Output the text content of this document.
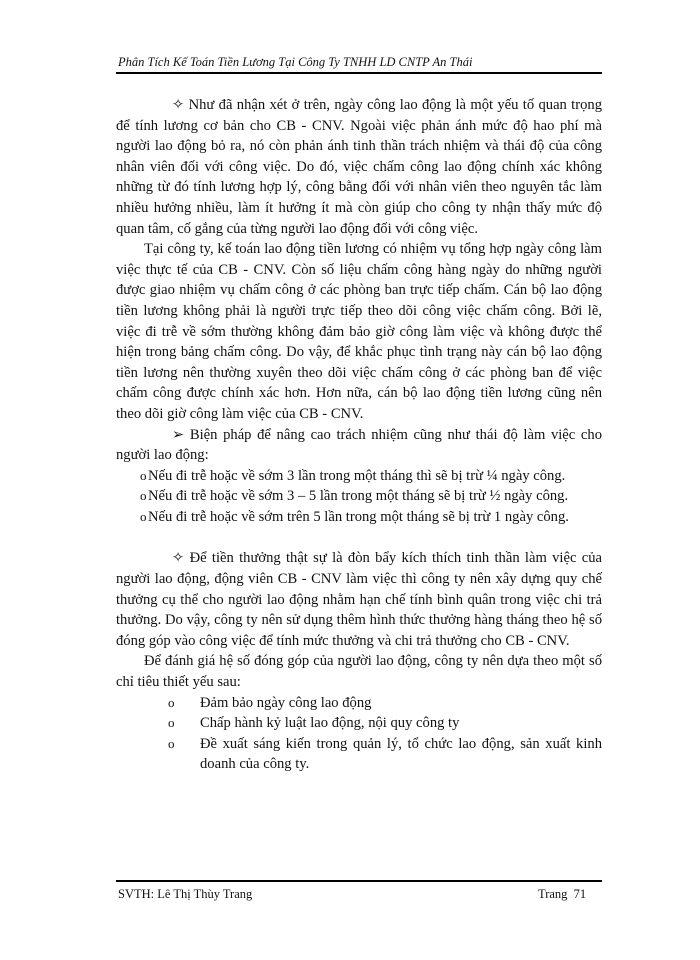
Phân Tích Kế Toán Tiền Lương Tại Công Ty TNHH LD CNTP An Thái

✧ Như đã nhận xét ở trên, ngày công lao động là một yếu tố quan trọng để tính lương cơ bản cho CB - CNV. Ngoài việc phản ánh mức độ hao phí mà người lao động bỏ ra, nó còn phản ánh tinh thần trách nhiệm và thái độ của công nhân viên đối với công việc. Do đó, việc chấm công lao động chính xác không những từ đó tính lương hợp lý, công bằng đối với nhân viên theo nguyên tắc làm nhiều hưởng nhiều, làm ít hưởng ít mà còn giúp cho công ty nhận thấy mức độ quan tâm, cố gắng của từng người lao động đối với công việc.

Tại công ty, kế toán lao động tiền lương có nhiệm vụ tổng hợp ngày công làm việc thực tế của CB - CNV. Còn số liệu chấm công hàng ngày do những người được giao nhiệm vụ chấm công ở các phòng ban trực tiếp chấm. Cán bộ lao động tiền lương không phải là người trực tiếp theo dõi công việc chấm công. Bởi lẽ, việc đi trễ về sớm thường không đảm bảo giờ công làm việc và không được thể hiện trong bảng chấm công. Do vậy, để khắc phục tình trạng này cán bộ lao động tiền lương nên thường xuyên theo dõi việc chấm công ở các phòng ban để việc chấm công được chính xác hơn. Hơn nữa, cán bộ lao động tiền lương cũng nên theo dõi giờ công làm việc của CB - CNV.

➢ Biện pháp để nâng cao trách nhiệm cũng như thái độ làm việc cho người lao động:

o Nếu đi trễ hoặc về sớm 3 lần trong một tháng thì sẽ bị trừ ¼ ngày công.

o Nếu đi trễ hoặc về sớm 3 – 5 lần trong một tháng sẽ bị trừ ½ ngày công.

o Nếu đi trễ hoặc về sớm trên 5 lần trong một tháng sẽ bị trừ 1 ngày công.

✧ Để tiền thưởng thật sự là đòn bẩy kích thích tinh thần làm việc của người lao động, động viên CB - CNV làm việc thì công ty nên xây dựng quy chế thưởng cụ thể cho người lao động nhằm hạn chế tính bình quân trong việc chi trả thưởng. Do vậy, công ty nên sử dụng thêm hình thức thưởng hàng tháng theo hệ số đóng góp vào công việc để tính mức thưởng và chi trả thưởng cho CB - CNV.

Để đánh giá hệ số đóng góp của người lao động, công ty nên dựa theo một số chỉ tiêu thiết yếu sau:

o Đảm bảo ngày công lao động

o Chấp hành kỷ luật lao động, nội quy công ty

o Đề xuất sáng kiến trong quản lý, tổ chức lao động, sản xuất kinh doanh của công ty.

SVTH: Lê Thị Thùy Trang	Trang 71
